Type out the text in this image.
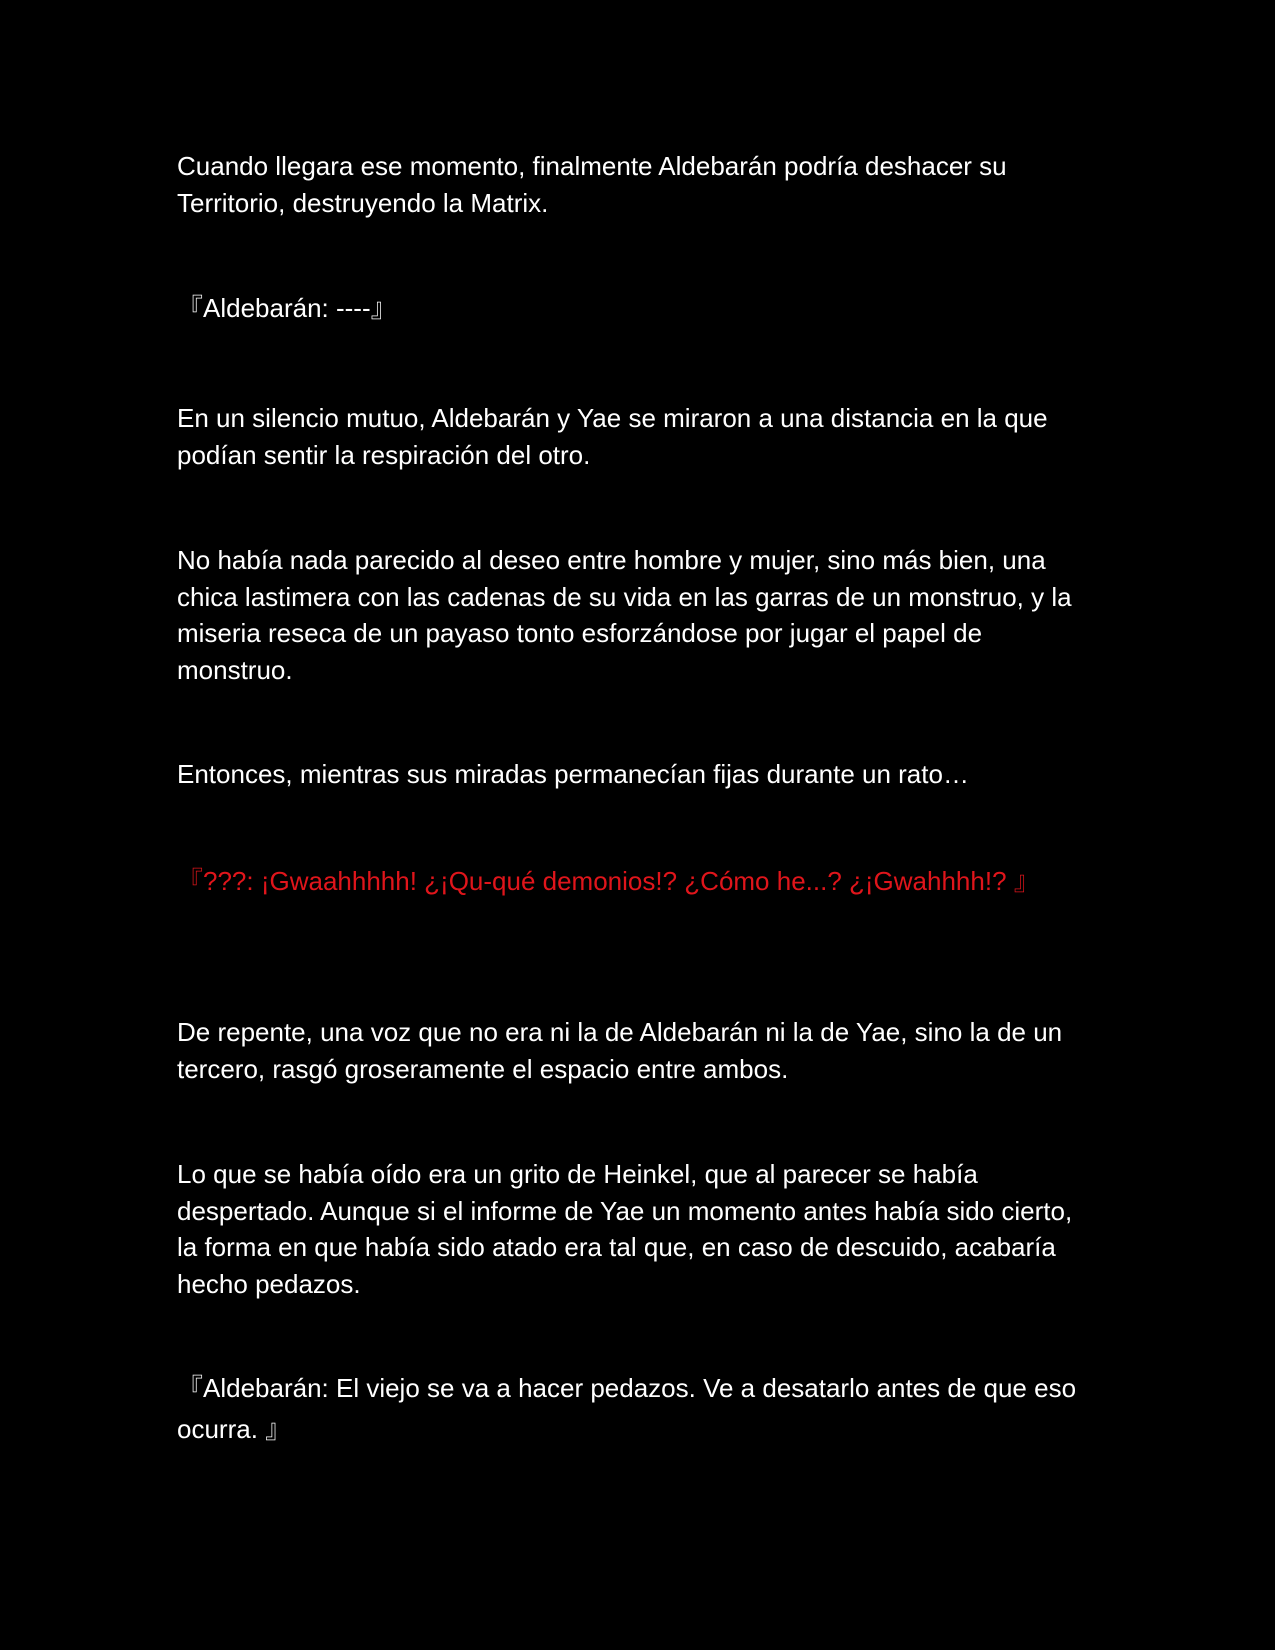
Cuando llegara ese momento, finalmente Aldebarán podría deshacer su Territorio, destruyendo la Matrix.

『Aldebarán: ----』

En un silencio mutuo, Aldebarán y Yae se miraron a una distancia en la que podían sentir la respiración del otro.

No había nada parecido al deseo entre hombre y mujer, sino más bien, una chica lastimera con las cadenas de su vida en las garras de un monstruo, y la miseria reseca de un payaso tonto esforzándose por jugar el papel de monstruo.

Entonces, mientras sus miradas permanecían fijas durante un rato…

『???: ¡Gwaahhhhh! ¿¡Qu-qué demonios!? ¿Cómo he...? ¿¡Gwahhhh!? 』

De repente, una voz que no era ni la de Aldebarán ni la de Yae, sino la de un tercero, rasgó groseramente el espacio entre ambos.

Lo que se había oído era un grito de Heinkel, que al parecer se había despertado. Aunque si el informe de Yae un momento antes había sido cierto, la forma en que había sido atado era tal que, en caso de descuido, acabaría hecho pedazos.

『Aldebarán: El viejo se va a hacer pedazos. Ve a desatarlo antes de que eso ocurra. 』
